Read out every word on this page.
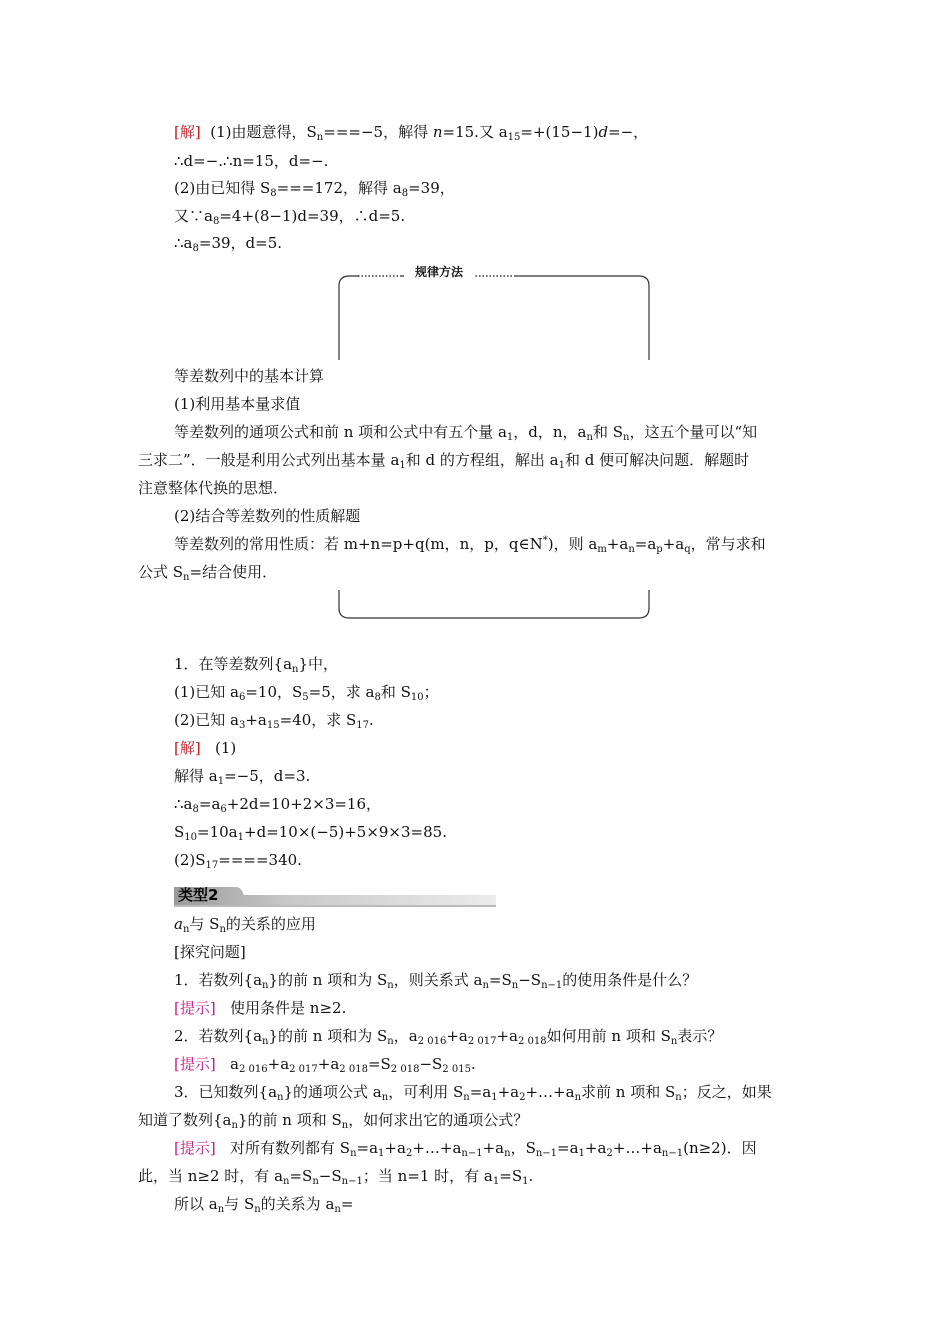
[解] (1)由题意得，$S_n===-5$，解得 n=15.又 $a_{15}=+(15-1)d=-$，
∴d=−.∴n=15，d=−.
(2)由已知得 $S_8===172$，解得 $a_8=39$，
又$\because a_8=4+(8-1)d=39$，∴d=5.
$\therefore a_8=39$，d=5.
规律方法
等差数列中的基本计算
(1)利用基本量求值
等差数列的通项公式和前 n 项和公式中有五个量 $a_1$，d，n，$a_n$和 $S_n$，这五个量可以“知
三求二”．一般是利用公式列出基本量 $a_1$和 d 的方程组，解出 $a_1$和 d 便可解决问题．解题时
注意整体代换的思想．
(2)结合等差数列的性质解题
等差数列的常用性质：若 m+n=p+q(m，n，p，q∈N*)，则 $a_m+a_n=a_p+a_q$，常与求和
公式 $S_n=$结合使用．
1．在等差数列$\{a_n\}$中，
(1)已知 $a_6=10$，$S_5=5$，求 $a_8$和 $S_{10}$；
(2)已知 $a_3+a_{15}=40$，求 $S_{17}$.
[解] (1)
解得 $a_1=-5$，d=3.
$\therefore a_8=a_6+2d=10+2\times 3=16$，
$S_{10}=10a_1+d=10\times(-5)+5\times 9\times 3=85$.
$(2)S_{17}====340$.
类型2
$a_n$与 $S_n$的关系的应用
[探究问题]
1．若数列$\{a_n\}$的前 n 项和为 $S_n$，则关系式 $a_n=S_n-S_{n-1}$的使用条件是什么？
[提示] 使用条件是 n≥2.
2．若数列$\{a_n\}$的前 n 项和为 $S_n$，$a_{2 016}+a_{2 017}+a_{2 018}$如何用前 n 项和 $S_n$表示？
[提示] $a_{2 016}+a_{2 017}+a_{2 018}=S_{2 018}-S_{2 015}$.
3．已知数列$\{a_n\}$的通项公式 $a_n$，可利用 $S_n=a_1+a_2+\dots+a_n$求前 n 项和 $S_n$；反之，如果
知道了数列$\{a_n\}$的前 n 项和 $S_n$，如何求出它的通项公式？
[提示] 对所有数列都有 $S_n=a_1+a_2+\dots+a_{n-1}+a_n$，$S_{n-1}=a_1+a_2+\dots+a_{n-1}(n\ge 2)$．因
此，当 n≥2 时，有 $a_n=S_n-S_{n-1}$；当 n=1 时，有 $a_1=S_1$.
所以 $a_n$与 $S_n$的关系为 $a_n=$
